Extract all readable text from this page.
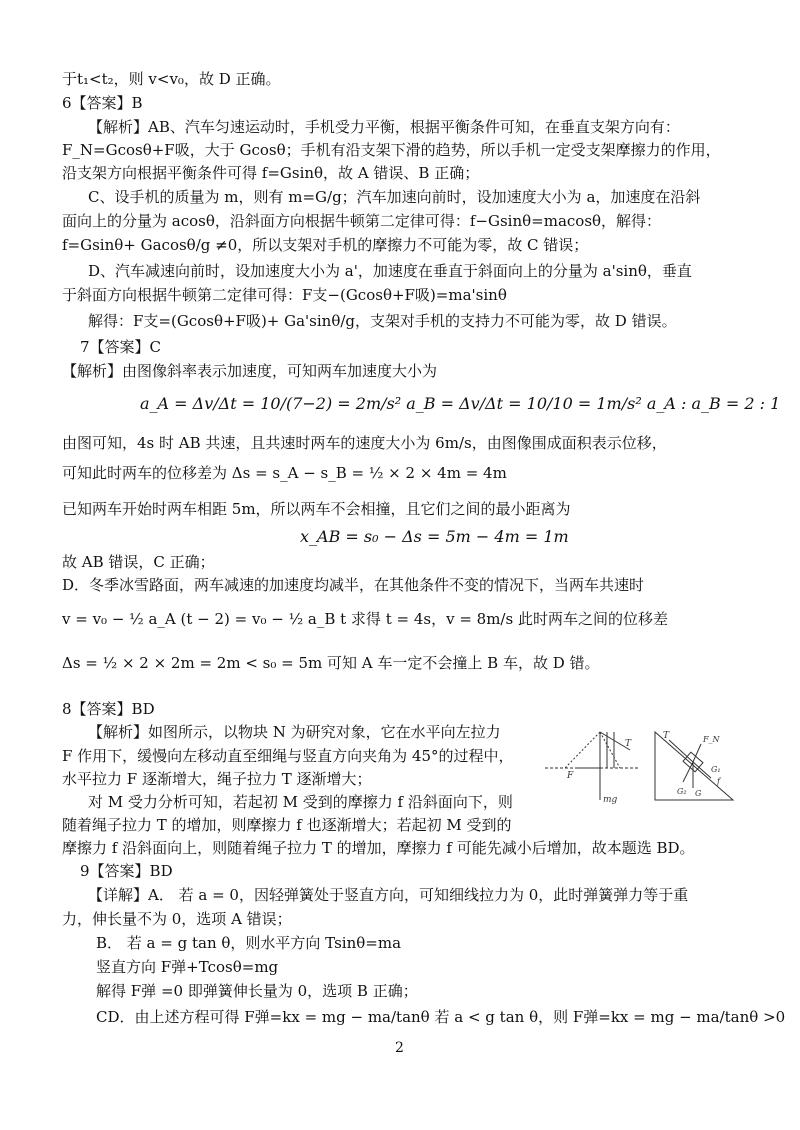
于t₁<t₂，则 v<v₀，故 D 正确。
6【答案】B
【解析】AB、汽车匀速运动时，手机受力平衡，根据平衡条件可知，在垂直支架方向有：
F_N=Gcosθ+F吸，大于 Gcosθ；手机有沿支架下滑的趋势，所以手机一定受支架摩擦力的作用，
沿支架方向根据平衡条件可得 f=Gsinθ，故 A 错误、B 正确；
C、设手机的质量为 m，则有 m=G/g；汽车加速向前时，设加速度大小为 a，加速度在沿斜
面向上的分量为 acosθ，沿斜面方向根据牛顿第二定律可得：f−Gsinθ=macosθ，解得：
f=Gsinθ+ Gacosθ/g ≠0，所以支架对手机的摩擦力不可能为零，故 C 错误；
D、汽车减速向前时，设加速度大小为 a'，加速度在垂直于斜面向上的分量为 a'sinθ，垂直
于斜面方向根据牛顿第二定律可得：F支−(Gcosθ+F吸)=ma'sinθ
解得：F支=(Gcosθ+F吸)+ Ga'sinθ/g，支架对手机的支持力不可能为零，故 D 错误。
7【答案】C
【解析】由图像斜率表示加速度，可知两车加速度大小为
a_A = Δv/Δt = 10/(7−2) = 2m/s² a_B = Δv/Δt = 10/10 = 1m/s² a_A : a_B = 2 : 1
由图可知，4s 时 AB 共速，且共速时两车的速度大小为 6m/s，由图像围成面积表示位移，
可知此时两车的位移差为 Δs = s_A − s_B = ½ × 2 × 4m = 4m
已知两车开始时两车相距 5m，所以两车不会相撞，且它们之间的最小距离为
x_AB = s₀ − Δs = 5m − 4m = 1m
故 AB 错误，C 正确；
D．冬季冰雪路面，两车减速的加速度均减半，在其他条件不变的情况下，当两车共速时
v = v₀ − ½ a_A (t − 2) = v₀ − ½ a_B t 求得 t = 4s，v = 8m/s 此时两车之间的位移差
Δs = ½ × 2 × 2m = 2m < s₀ = 5m 可知 A 车一定不会撞上 B 车，故 D 错。
8【答案】BD
【解析】如图所示，以物块 N 为研究对象，它在水平向左拉力
F 作用下，缓慢向左移动直至细绳与竖直方向夹角为 45°的过程中，
水平拉力 F 逐渐增大，绳子拉力 T 逐渐增大；
对 M 受力分析可知，若起初 M 受到的摩擦力 f 沿斜面向下，则
随着绳子拉力 T 的增加，则摩擦力 f 也逐渐增大；若起初 M 受到的
摩擦力 f 沿斜面向上，则随着绳子拉力 T 的增加，摩擦力 f 可能先减小后增加，故本题选 BD。
9【答案】BD
【详解】A． 若 a = 0，因轻弹簧处于竖直方向，可知细线拉力为 0，此时弹簧弹力等于重
力，伸长量不为 0，选项 A 错误；
B． 若 a = g tan θ，则水平方向 Tsinθ=ma
竖直方向 F弹+Tcosθ=mg
解得 F弹 =0 即弹簧伸长量为 0，选项 B 正确；
CD．由上述方程可得 F弹=kx = mg − ma/tanθ 若 a < g tan θ，则 F弹=kx = mg − ma/tanθ >0
T
F
mg
T	F_N
G₁
G₂ G
f
2
